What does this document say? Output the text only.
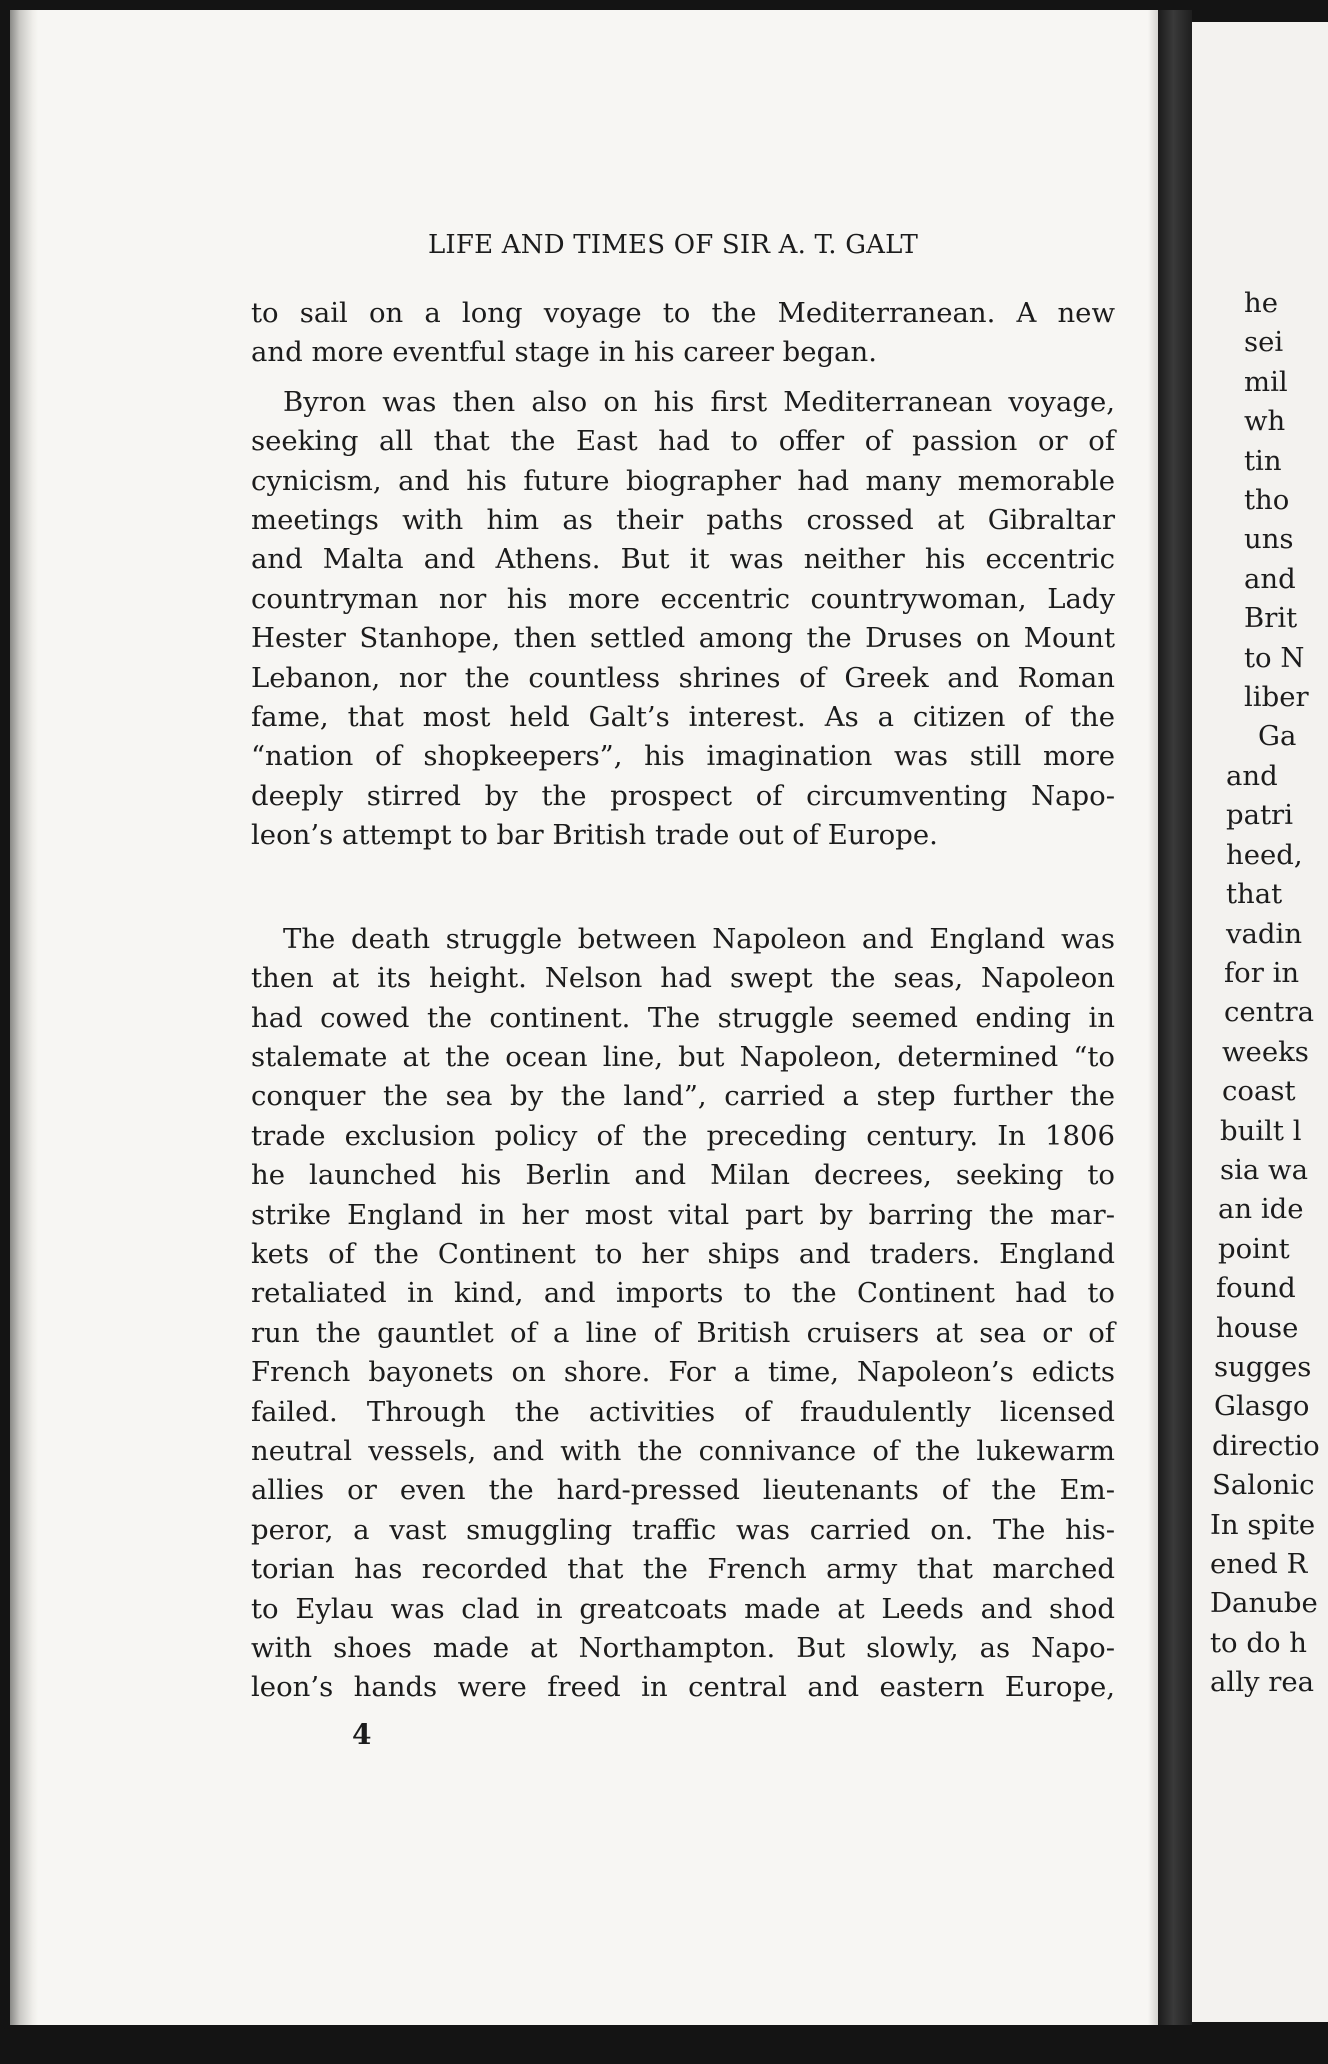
LIFE AND TIMES OF SIR A. T. GALT

to sail on a long voyage to the Mediterranean. A new
and more eventful stage in his career began.

Byron was then also on his first Mediterranean voyage,
seeking all that the East had to offer of passion or of
cynicism, and his future biographer had many memorable
meetings with him as their paths crossed at Gibraltar
and Malta and Athens. But it was neither his eccentric
countryman nor his more eccentric countrywoman, Lady
Hester Stanhope, then settled among the Druses on Mount
Lebanon, nor the countless shrines of Greek and Roman
fame, that most held Galt’s interest. As a citizen of the
“nation of shopkeepers”, his imagination was still more
deeply stirred by the prospect of circumventing Napo-
leon’s attempt to bar British trade out of Europe.

The death struggle between Napoleon and England was
then at its height. Nelson had swept the seas, Napoleon
had cowed the continent. The struggle seemed ending in
stalemate at the ocean line, but Napoleon, determined “to
conquer the sea by the land”, carried a step further the
trade exclusion policy of the preceding century. In 1806
he launched his Berlin and Milan decrees, seeking to
strike England in her most vital part by barring the mar-
kets of the Continent to her ships and traders. England
retaliated in kind, and imports to the Continent had to
run the gauntlet of a line of British cruisers at sea or of
French bayonets on shore. For a time, Napoleon’s edicts
failed. Through the activities of fraudulently licensed
neutral vessels, and with the connivance of the lukewarm
allies or even the hard-pressed lieutenants of the Em-
peror, a vast smuggling traffic was carried on. The his-
torian has recorded that the French army that marched
to Eylau was clad in greatcoats made at Leeds and shod
with shoes made at Northampton. But slowly, as Napo-
leon’s hands were freed in central and eastern Europe,

4
he
sei
mil
wh
tin
tho
uns
and
Brit
to N
liber
Ga
and
patri
heed,
that
vadin
for in
centra
weeks
coast
built l
sia wa
an ide
point
found
house
sugges
Glasgo
directio
Salonic
In spite
ened R
Danube
to do h
ally rea
